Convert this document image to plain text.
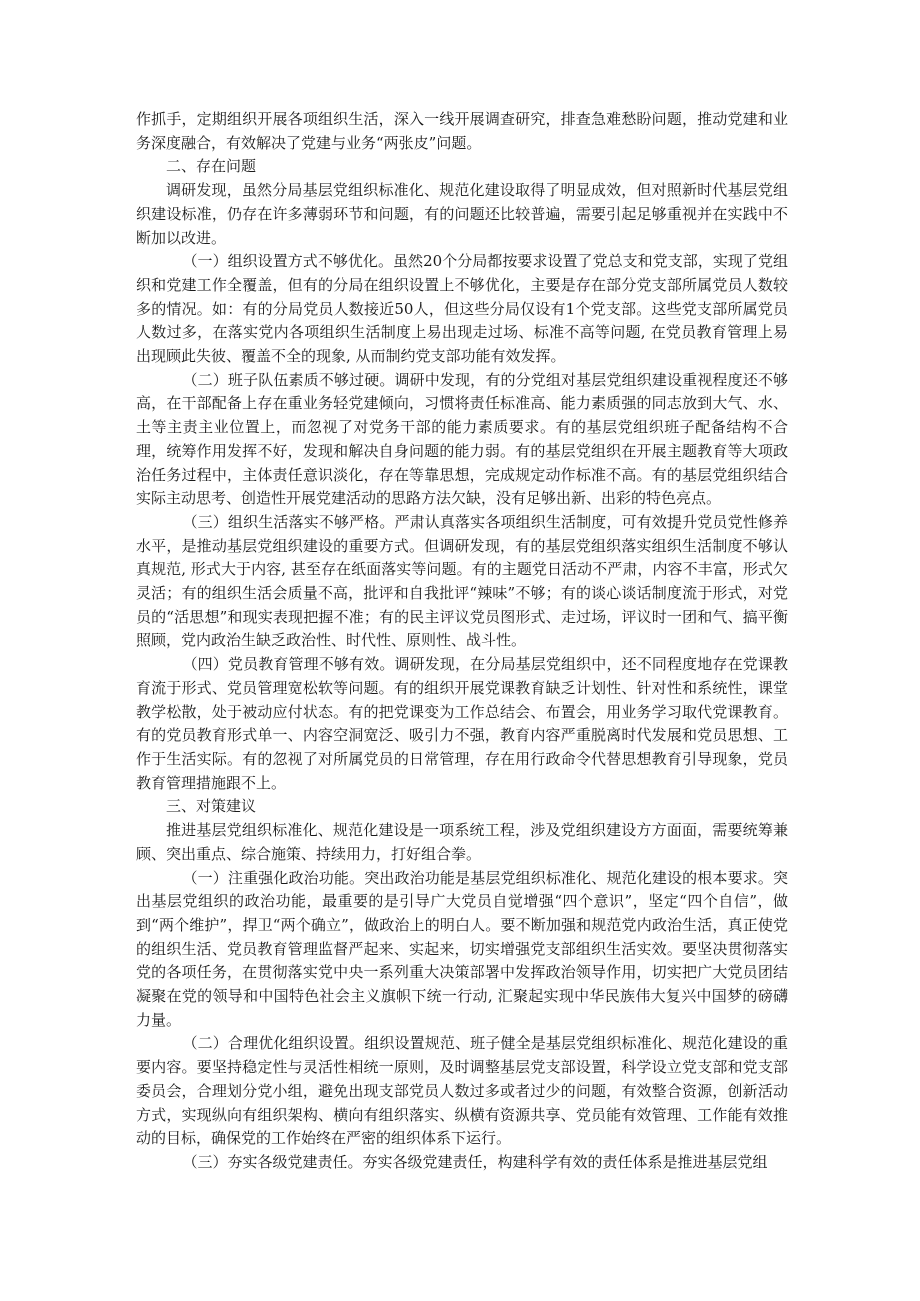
作抓手，定期组织开展各项组织生活，深入一线开展调查研究，排查急难愁盼问题，推动党建和业务深度融合，有效解决了党建与业务“两张皮”问题。

二、存在问题

调研发现，虽然分局基层党组织标准化、规范化建设取得了明显成效，但对照新时代基层党组织建设标准，仍存在许多薄弱环节和问题，有的问题还比较普遍，需要引起足够重视并在实践中不断加以改进。

（一）组织设置方式不够优化。虽然20个分局都按要求设置了党总支和党支部，实现了党组织和党建工作全覆盖，但有的分局在组织设置上不够优化，主要是存在部分党支部所属党员人数较多的情况。如：有的分局党员人数接近50人，但这些分局仅设有1个党支部。这些党支部所属党员人数过多，在落实党内各项组织生活制度上易出现走过场、标准不高等问题, 在党员教育管理上易出现顾此失彼、覆盖不全的现象, 从而制约党支部功能有效发挥。

（二）班子队伍素质不够过硬。调研中发现，有的分党组对基层党组织建设重视程度还不够高，在干部配备上存在重业务轻党建倾向，习惯将责任标准高、能力素质强的同志放到大气、水、土等主责主业位置上，而忽视了对党务干部的能力素质要求。有的基层党组织班子配备结构不合理，统筹作用发挥不好，发现和解决自身问题的能力弱。有的基层党组织在开展主题教育等大项政治任务过程中，主体责任意识淡化，存在等靠思想，完成规定动作标准不高。有的基层党组织结合实际主动思考、创造性开展党建活动的思路方法欠缺，没有足够出新、出彩的特色亮点。

（三）组织生活落实不够严格。严肃认真落实各项组织生活制度，可有效提升党员党性修养水平，是推动基层党组织建设的重要方式。但调研发现，有的基层党组织落实组织生活制度不够认真规范, 形式大于内容, 甚至存在纸面落实等问题。有的主题党日活动不严肃，内容不丰富，形式欠灵活；有的组织生活会质量不高，批评和自我批评“辣味”不够；有的谈心谈话制度流于形式，对党员的“活思想”和现实表现把握不准；有的民主评议党员图形式、走过场，评议时一团和气、搞平衡照顾，党内政治生缺乏政治性、时代性、原则性、战斗性。

（四）党员教育管理不够有效。调研发现，在分局基层党组织中，还不同程度地存在党课教育流于形式、党员管理宽松软等问题。有的组织开展党课教育缺乏计划性、针对性和系统性，课堂教学松散，处于被动应付状态。有的把党课变为工作总结会、布置会，用业务学习取代党课教育。有的党员教育形式单一、内容空洞宽泛、吸引力不强，教育内容严重脱离时代发展和党员思想、工作于生活实际。有的忽视了对所属党员的日常管理，存在用行政命令代替思想教育引导现象，党员教育管理措施跟不上。

三、对策建议

推进基层党组织标准化、规范化建设是一项系统工程，涉及党组织建设方方面面，需要统筹兼顾、突出重点、综合施策、持续用力，打好组合拳。

（一）注重强化政治功能。突出政治功能是基层党组织标准化、规范化建设的根本要求。突出基层党组织的政治功能，最重要的是引导广大党员自觉增强“四个意识”，坚定“四个自信”，做到“两个维护”，捍卫“两个确立”，做政治上的明白人。要不断加强和规范党内政治生活，真正使党的组织生活、党员教育管理监督严起来、实起来，切实增强党支部组织生活实效。要坚决贯彻落实党的各项任务，在贯彻落实党中央一系列重大决策部署中发挥政治领导作用，切实把广大党员团结凝聚在党的领导和中国特色社会主义旗帜下统一行动, 汇聚起实现中华民族伟大复兴中国梦的磅礴力量。

（二）合理优化组织设置。组织设置规范、班子健全是基层党组织标准化、规范化建设的重要内容。要坚持稳定性与灵活性相统一原则，及时调整基层党支部设置，科学设立党支部和党支部委员会，合理划分党小组，避免出现支部党员人数过多或者过少的问题，有效整合资源，创新活动方式，实现纵向有组织架构、横向有组织落实、纵横有资源共享、党员能有效管理、工作能有效推动的目标，确保党的工作始终在严密的组织体系下运行。

（三）夯实各级党建责任。夯实各级党建责任，构建科学有效的责任体系是推进基层党组
